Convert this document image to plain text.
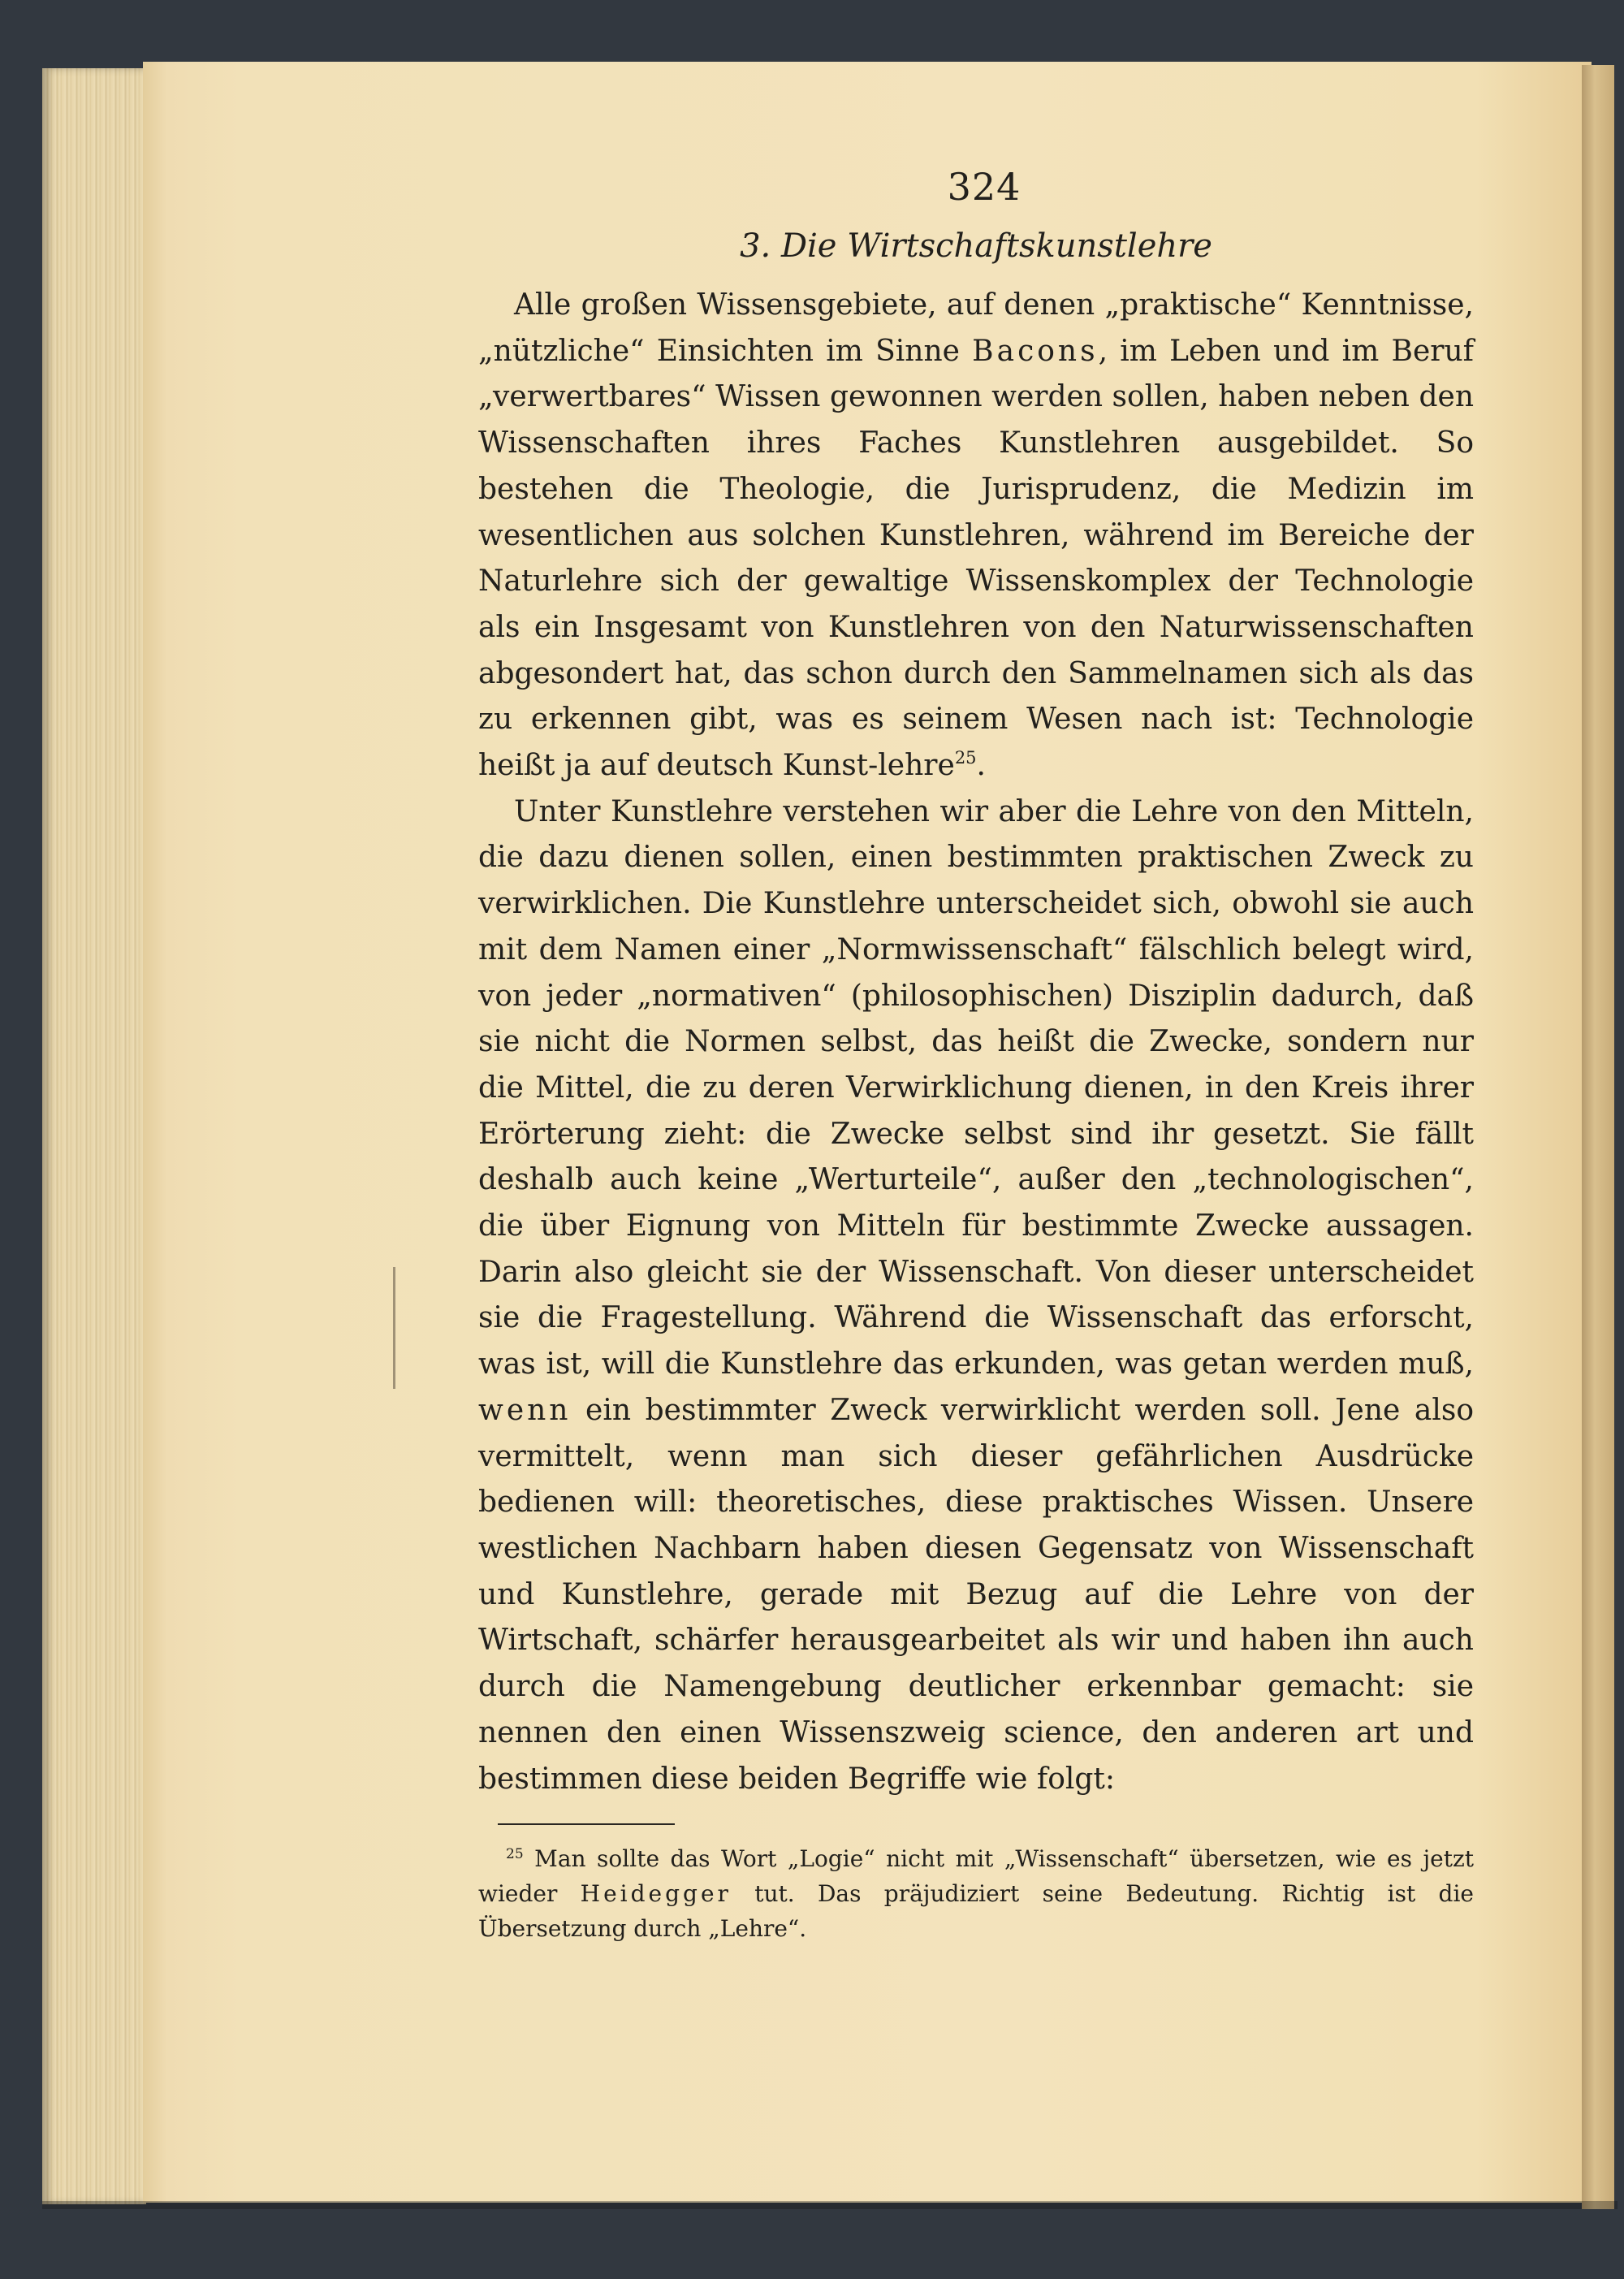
324
3. Die Wirtschaftskunstlehre

Alle großen Wissensgebiete, auf denen „praktische“ Kenntnisse, „nützliche“ Einsichten im Sinne Bacons, im Leben und im Beruf „verwertbares“ Wissen gewonnen werden sollen, haben neben den Wissenschaften ihres Faches Kunstlehren ausgebildet. So bestehen die Theologie, die Jurisprudenz, die Medizin im wesentlichen aus solchen Kunstlehren, während im Bereiche der Naturlehre sich der gewaltige Wissenskomplex der Technologie als ein Insgesamt von Kunstlehren von den Naturwissenschaften abgesondert hat, das schon durch den Sammelnamen sich als das zu erkennen gibt, was es seinem Wesen nach ist: Technologie heißt ja auf deutsch Kunst-lehre$^{25}$.

Unter Kunstlehre verstehen wir aber die Lehre von den Mitteln, die dazu dienen sollen, einen bestimmten praktischen Zweck zu verwirklichen. Die Kunstlehre unterscheidet sich, obwohl sie auch mit dem Namen einer „Normwissenschaft“ fälschlich belegt wird, von jeder „normativen“ (philosophischen) Disziplin dadurch, daß sie nicht die Normen selbst, das heißt die Zwecke, sondern nur die Mittel, die zu deren Verwirklichung dienen, in den Kreis ihrer Erörterung zieht: die Zwecke selbst sind ihr gesetzt. Sie fällt deshalb auch keine „Werturteile“, außer den „technologischen“, die über Eignung von Mitteln für bestimmte Zwecke aussagen. Darin also gleicht sie der Wissenschaft. Von dieser unterscheidet sie die Fragestellung. Während die Wissenschaft das erforscht, was ist, will die Kunstlehre das erkunden, was getan werden muß, wenn ein bestimmter Zweck verwirklicht werden soll. Jene also vermittelt, wenn man sich dieser gefährlichen Ausdrücke bedienen will: theoretisches, diese praktisches Wissen. Unsere westlichen Nachbarn haben diesen Gegensatz von Wissenschaft und Kunstlehre, gerade mit Bezug auf die Lehre von der Wirtschaft, schärfer herausgearbeitet als wir und haben ihn auch durch die Namengebung deutlicher erkennbar gemacht: sie nennen den einen Wissenszweig science, den anderen art und bestimmen diese beiden Begriffe wie folgt:

$^{25}$ Man sollte das Wort „Logie“ nicht mit „Wissenschaft“ übersetzen, wie es jetzt wieder Heidegger tut. Das präjudiziert seine Bedeutung. Richtig ist die Übersetzung durch „Lehre“.
